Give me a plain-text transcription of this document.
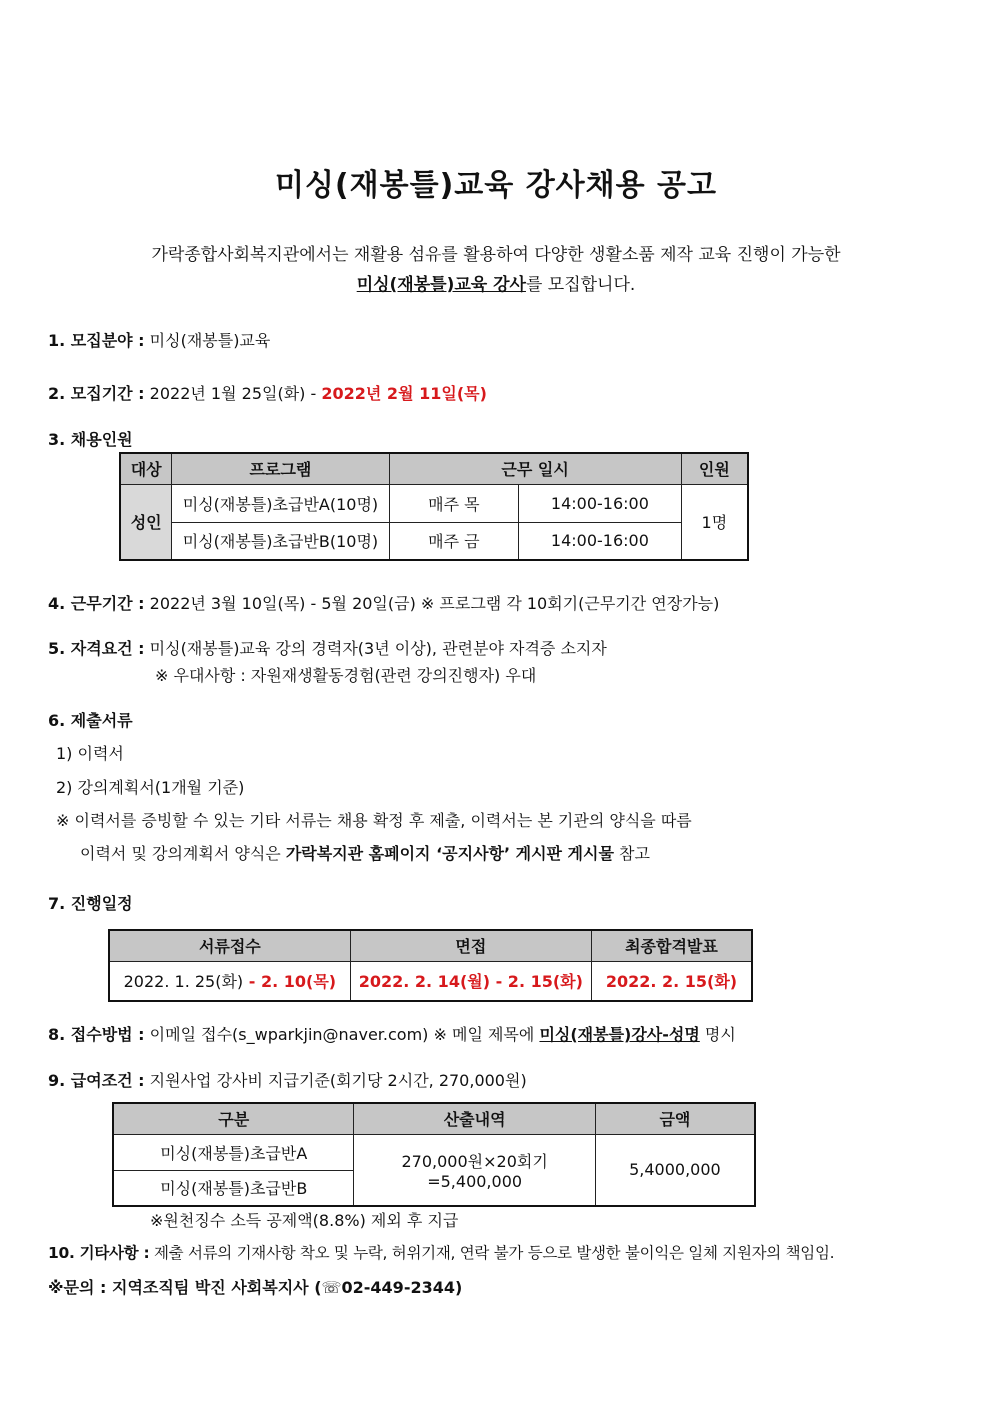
미싱(재봉틀)교육 강사채용 공고
가락종합사회복지관에서는 재활용 섬유를 활용하여 다양한 생활소품 제작 교육 진행이 가능한
미싱(재봉틀)교육 강사를 모집합니다.
1. 모집분야 : 미싱(재봉틀)교육
2. 모집기간 : 2022년 1월 25일(화) - 2022년 2월 11일(목)
3. 채용인원
대상	프로그램	근무 일시		인원
성인	미싱(재봉틀)초급반A(10명)	매주 목	14:00-16:00	1명
	미싱(재봉틀)초급반B(10명)	매주 금	14:00-16:00	
4. 근무기간 : 2022년 3월 10일(목) - 5월 20일(금) ※ 프로그램 각 10회기(근무기간 연장가능)
5. 자격요건 : 미싱(재봉틀)교육 강의 경력자(3년 이상), 관련분야 자격증 소지자
※ 우대사항 : 자원재생활동경험(관련 강의진행자) 우대
6. 제출서류
1) 이력서
2) 강의계획서(1개월 기준)
※ 이력서를 증빙할 수 있는 기타 서류는 채용 확정 후 제출, 이력서는 본 기관의 양식을 따름
이력서 및 강의계획서 양식은 가락복지관 홈페이지 ‘공지사항’ 게시판 게시물 참고
7. 진행일정
서류접수	면접	최종합격발표
2022. 1. 25(화) - 2. 10(목)	2022. 2. 14(월) - 2. 15(화)	2022. 2. 15(화)
8. 접수방법 : 이메일 접수(s_wparkjin@naver.com) ※ 메일 제목에 미싱(재봉틀)강사-성명 명시
9. 급여조건 : 지원사업 강사비 지급기준(회기당 2시간, 270,000원)
구분	산출내역	금액
미싱(재봉틀)초급반A	270,000원×20회기=5,400,000	5,4000,000
미싱(재봉틀)초급반B		
※원천징수 소득 공제액(8.8%) 제외 후 지급
10. 기타사항 : 제출 서류의 기재사항 착오 및 누락, 허위기재, 연락 불가 등으로 발생한 불이익은 일체 지원자의 책임임.
※문의 : 지역조직팀 박진 사회복지사 (☏02-449-2344)
